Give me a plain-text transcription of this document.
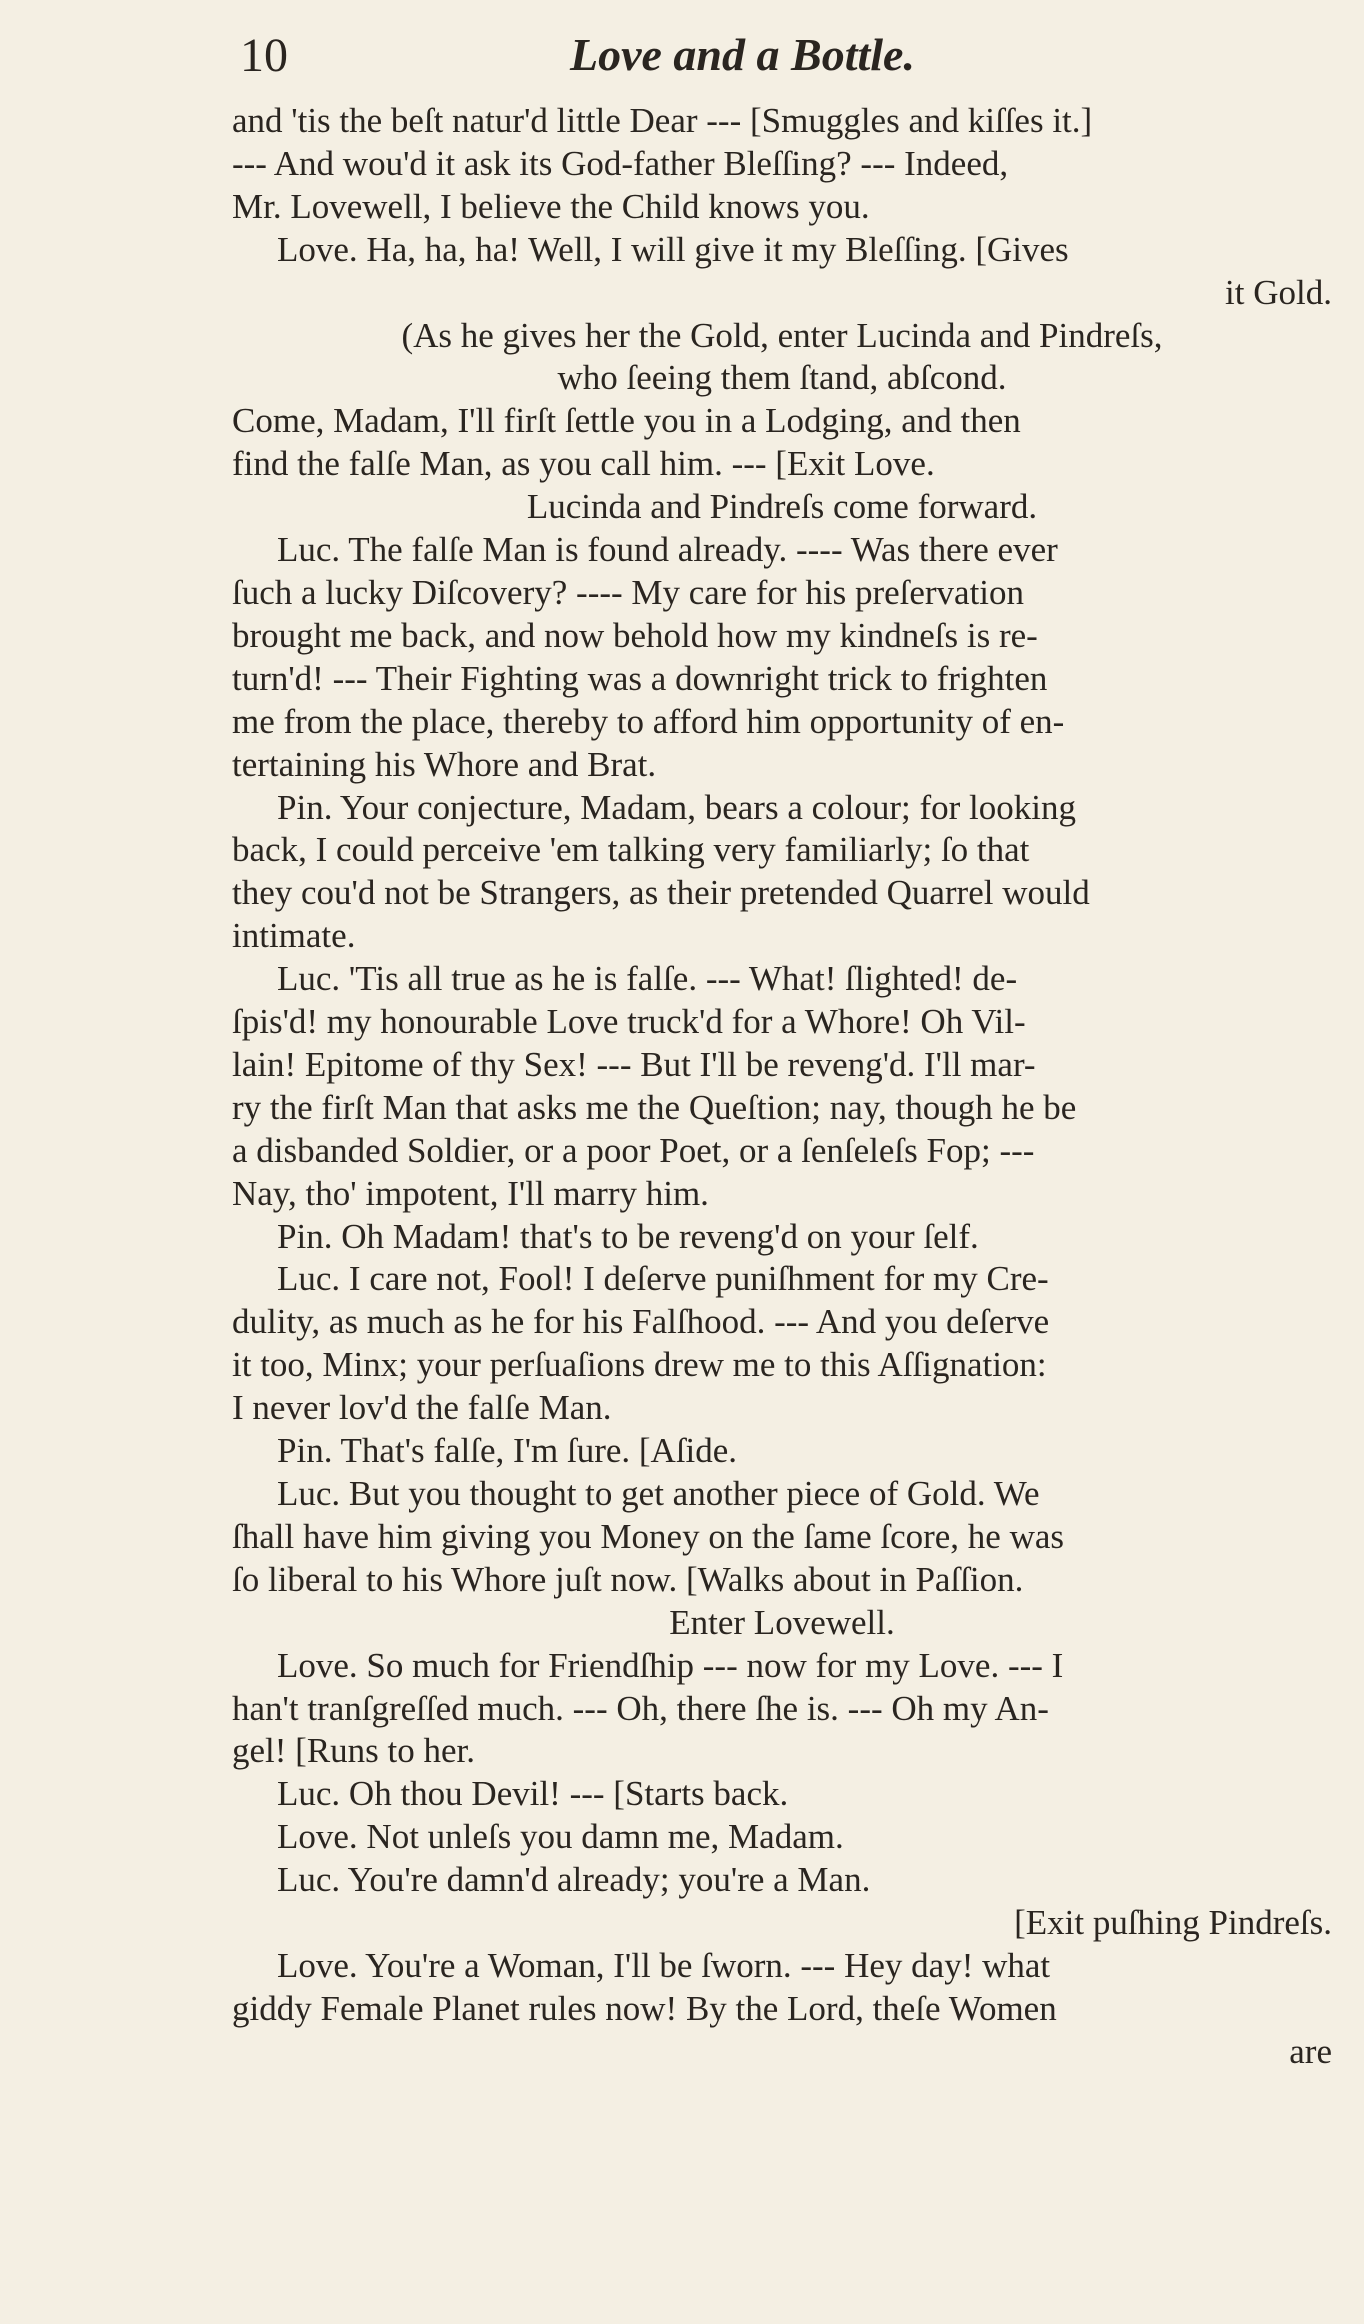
10	Love and a Bottle.
and 'tis the beſt natur'd little Dear --- [Smuggles and kiſſes it.]
--- And wou'd it ask its God-father Bleſſing? --- Indeed,
Mr. Lovewell, I believe the Child knows you.
Love. Ha, ha, ha! Well, I will give it my Bleſſing. [Gives
it Gold.
(As he gives her the Gold, enter Lucinda and Pindreſs,
who ſeeing them ſtand, abſcond.
Come, Madam, I'll firſt ſettle you in a Lodging, and then
find the falſe Man, as you call him. --- [Exit Love.
Lucinda and Pindreſs come forward.
Luc. The falſe Man is found already. ---- Was there ever
ſuch a lucky Diſcovery? ---- My care for his preſervation
brought me back, and now behold how my kindneſs is re-
turn'd! --- Their Fighting was a downright trick to frighten
me from the place, thereby to afford him opportunity of en-
tertaining his Whore and Brat.
Pin. Your conjecture, Madam, bears a colour; for looking
back, I could perceive 'em talking very familiarly; ſo that
they cou'd not be Strangers, as their pretended Quarrel would
intimate.
Luc. 'Tis all true as he is falſe. --- What! ſlighted! de-
ſpis'd! my honourable Love truck'd for a Whore! Oh Vil-
lain! Epitome of thy Sex! --- But I'll be reveng'd. I'll mar-
ry the firſt Man that asks me the Queſtion; nay, though he be
a disbanded Soldier, or a poor Poet, or a ſenſeleſs Fop; ---
Nay, tho' impotent, I'll marry him.
Pin. Oh Madam! that's to be reveng'd on your ſelf.
Luc. I care not, Fool! I deſerve puniſhment for my Cre-
dulity, as much as he for his Falſhood. --- And you deſerve
it too, Minx; your perſuaſions drew me to this Aſſignation:
I never lov'd the falſe Man.
Pin. That's falſe, I'm ſure. [Aſide.
Luc. But you thought to get another piece of Gold. We
ſhall have him giving you Money on the ſame ſcore, he was
ſo liberal to his Whore juſt now. [Walks about in Paſſion.
Enter Lovewell.
Love. So much for Friendſhip --- now for my Love. --- I
han't tranſgreſſed much. --- Oh, there ſhe is. --- Oh my An-
gel! [Runs to her.
Luc. Oh thou Devil! --- [Starts back.
Love. Not unleſs you damn me, Madam.
Luc. You're damn'd already; you're a Man.
[Exit puſhing Pindreſs.
Love. You're a Woman, I'll be ſworn. --- Hey day! what
giddy Female Planet rules now! By the Lord, theſe Women
are
